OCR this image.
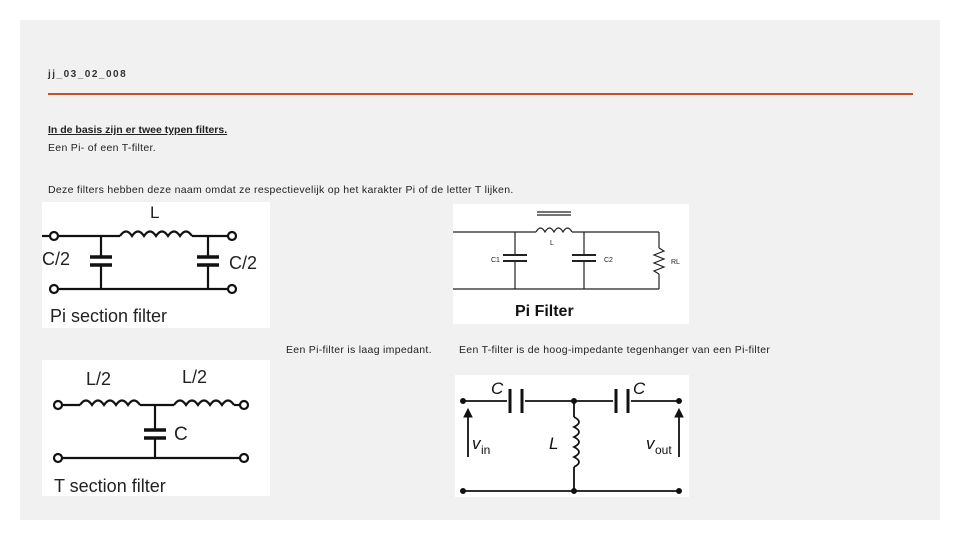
jj_03_02_008
In de basis zijn er twee typen filters.
Een Pi- of een T-filter.
Deze filters hebben deze naam omdat ze respectievelijk op het karakter Pi of de letter T lijken.
Een Pi-filter is laag impedant.	Een T-filter is de hoog-impedante tegenhanger van een Pi-filter
L
C/2	C/2
Pi section filter
L/2	L/2
C
T section filter
L
C1	C2	RL
Pi Filter
C	C
L
v in	v out
